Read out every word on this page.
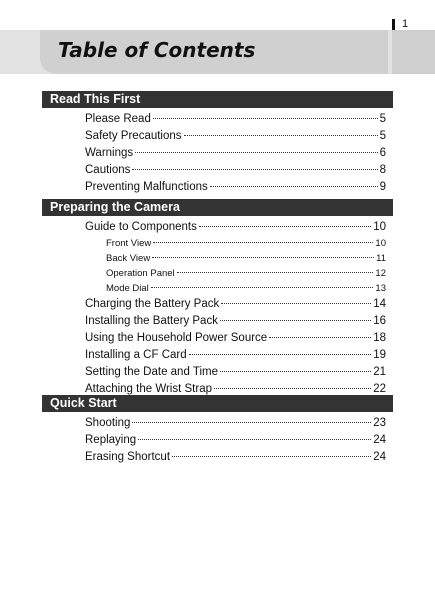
1
Table of Contents
Read This First
Please Read	5
Safety Precautions	5
Warnings	6
Cautions	8
Preventing Malfunctions	9
Preparing the Camera
Guide to Components	10
Front View	10
Back View	11
Operation Panel	12
Mode Dial	13
Charging the Battery Pack	14
Installing the Battery Pack	16
Using the Household Power Source	18
Installing a CF Card	19
Setting the Date and Time	21
Attaching the Wrist Strap	22
Quick Start
Shooting	23
Replaying	24
Erasing Shortcut	24
